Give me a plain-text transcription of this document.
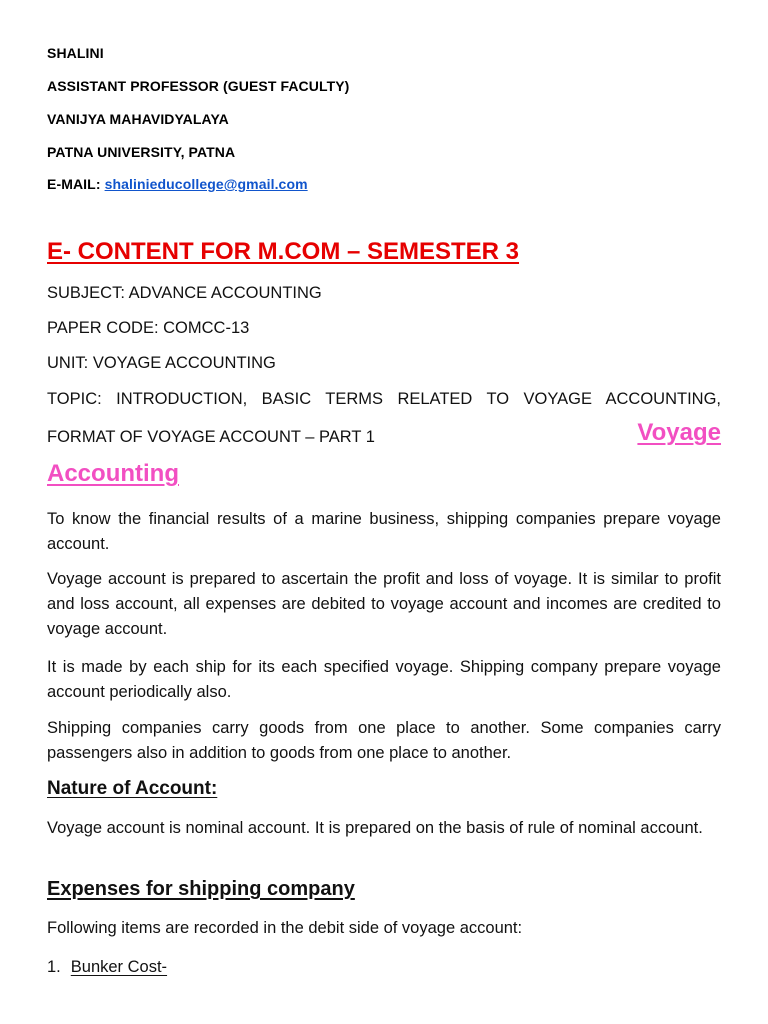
SHALINI
ASSISTANT PROFESSOR (GUEST FACULTY)
VANIJYA MAHAVIDYALAYA
PATNA UNIVERSITY, PATNA
E-MAIL: shalinieducollege@gmail.com
E- CONTENT FOR M.COM – SEMESTER 3
SUBJECT: ADVANCE ACCOUNTING
PAPER CODE: COMCC-13
UNIT: VOYAGE ACCOUNTING
TOPIC: INTRODUCTION, BASIC TERMS RELATED TO VOYAGE ACCOUNTING,
FORMAT OF VOYAGE ACCOUNT – PART 1	Voyage
Accounting
To know the financial results of a marine business, shipping companies prepare voyage account.
Voyage account is prepared to ascertain the profit and loss of voyage. It is similar to profit and loss account, all expenses are debited to voyage account and incomes are credited to voyage account.
It is made by each ship for its each specified voyage. Shipping company prepare voyage account periodically also.
Shipping companies carry goods from one place to another. Some companies carry passengers also in addition to goods from one place to another.
Nature of Account:
Voyage account is nominal account. It is prepared on the basis of rule of nominal account.
Expenses for shipping company
Following items are recorded in the debit side of voyage account:
1. Bunker Cost-
